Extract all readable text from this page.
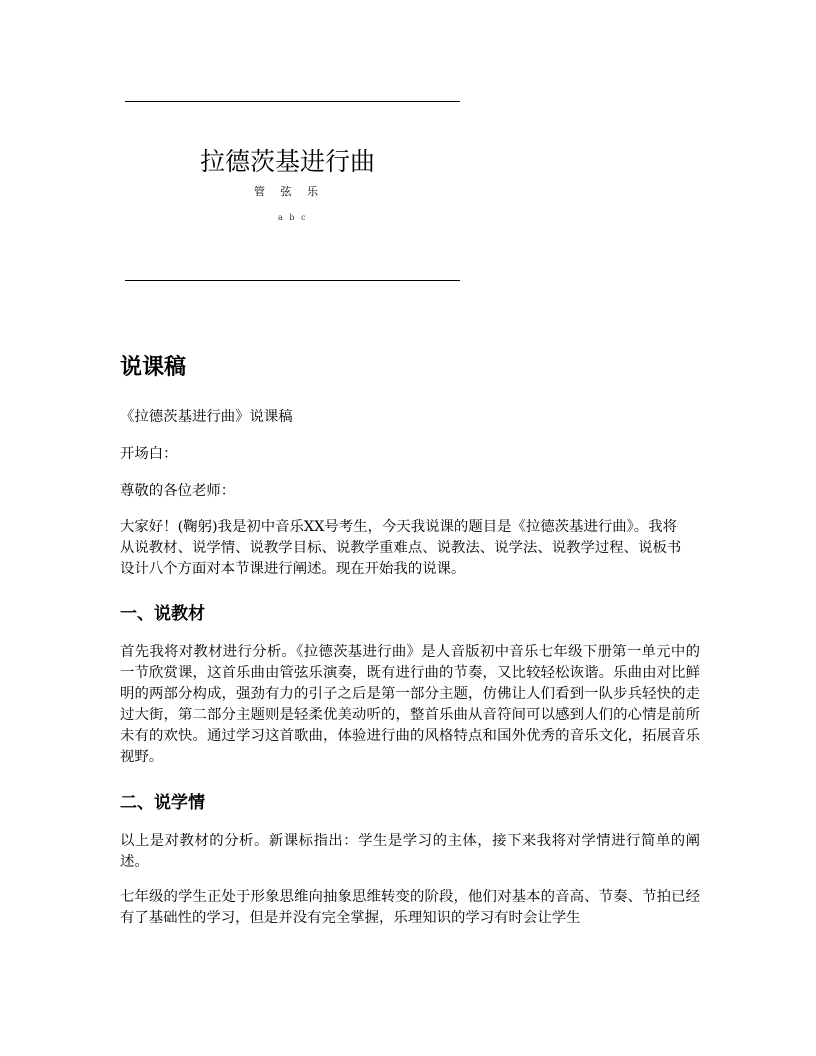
拉德茨基进行曲
管 弦 乐
a b c
说课稿

《拉德茨基进行曲》说课稿

开场白：

尊敬的各位老师：

大家好！(鞠躬)我是初中音乐XX号考生，今天我说课的题目是《拉德茨基进行曲》。我将从说教材、说学情、说教学目标、说教学重难点、说教法、说学法、说教学过程、说板书设计八个方面对本节课进行阐述。现在开始我的说课。

一、说教材

首先我将对教材进行分析。《拉德茨基进行曲》是人音版初中音乐七年级下册第一单元中的一节欣赏课，这首乐曲由管弦乐演奏，既有进行曲的节奏，又比较轻松诙谐。乐曲由对比鲜明的两部分构成，强劲有力的引子之后是第一部分主题，仿佛让人们看到一队步兵轻快的走过大街，第二部分主题则是轻柔优美动听的，整首乐曲从音符间可以感到人们的心情是前所未有的欢快。通过学习这首歌曲，体验进行曲的风格特点和国外优秀的音乐文化，拓展音乐视野。

二、说学情

以上是对教材的分析。新课标指出：学生是学习的主体，接下来我将对学情进行简单的阐述。

七年级的学生正处于形象思维向抽象思维转变的阶段，他们对基本的音高、节奏、节拍已经有了基础性的学习，但是并没有完全掌握，乐理知识的学习有时会让学生
